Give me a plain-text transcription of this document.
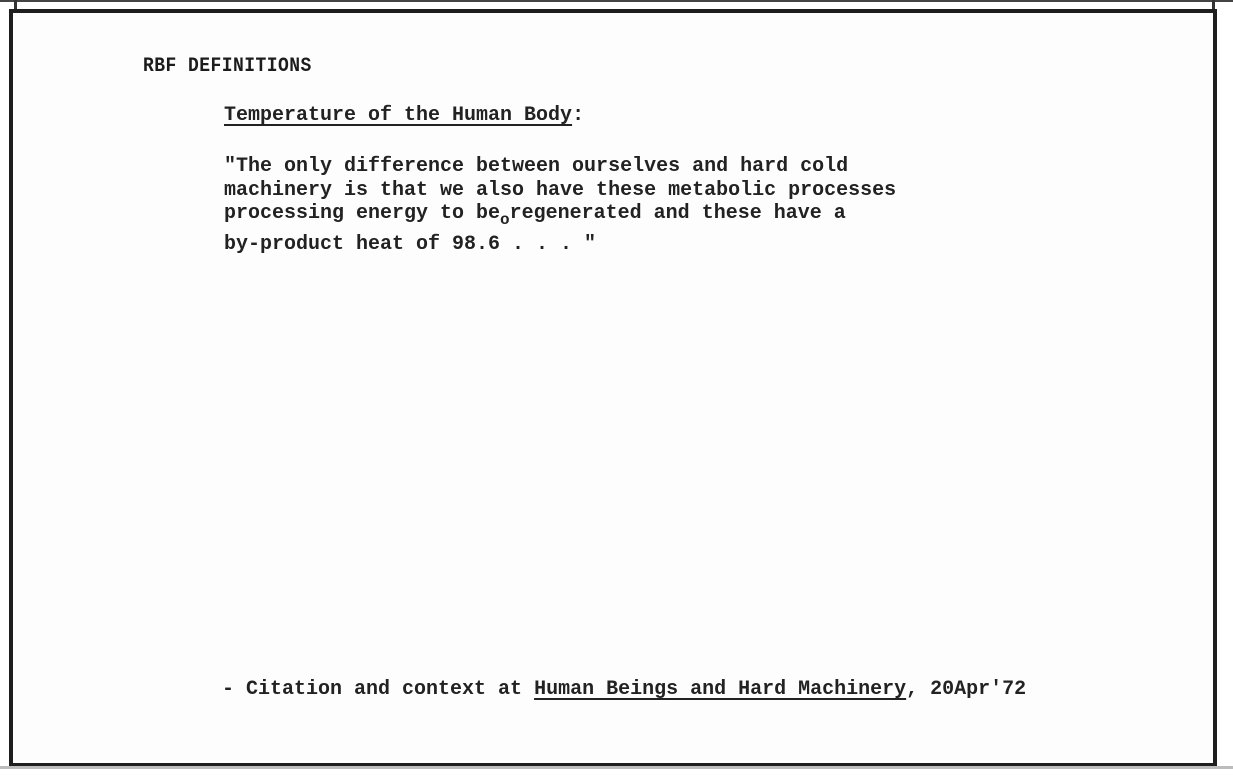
RBF DEFINITIONS
Temperature of the Human Body:
"The only difference between ourselves and hard cold
machinery is that we also have these metabolic processes
processing energy to $be_oregenerated$ and these have a
by-product heat of 98.6 . . . "
- Citation and context at Human Beings and Hard Machinery, 20Apr'72
